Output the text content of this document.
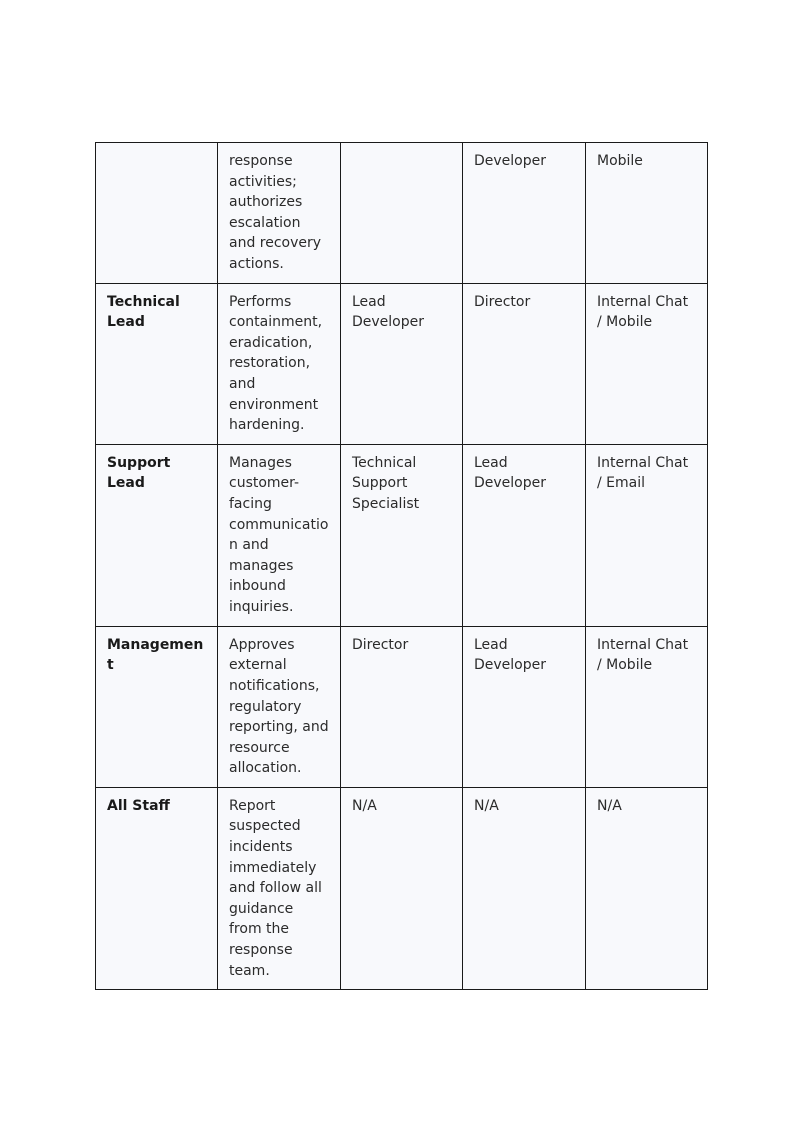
	response activities; authorizes escalation and recovery actions.		Developer	Mobile
Technical Lead	Performs containment, eradication, restoration, and environment hardening.	Lead Developer	Director	Internal Chat / Mobile
Support Lead	Manages customer-facing communication and manages inbound inquiries.	Technical Support Specialist	Lead Developer	Internal Chat / Email
Management	Approves external notifications, regulatory reporting, and resource allocation.	Director	Lead Developer	Internal Chat / Mobile
All Staff	Report suspected incidents immediately and follow all guidance from the response team.	N/A	N/A	N/A
